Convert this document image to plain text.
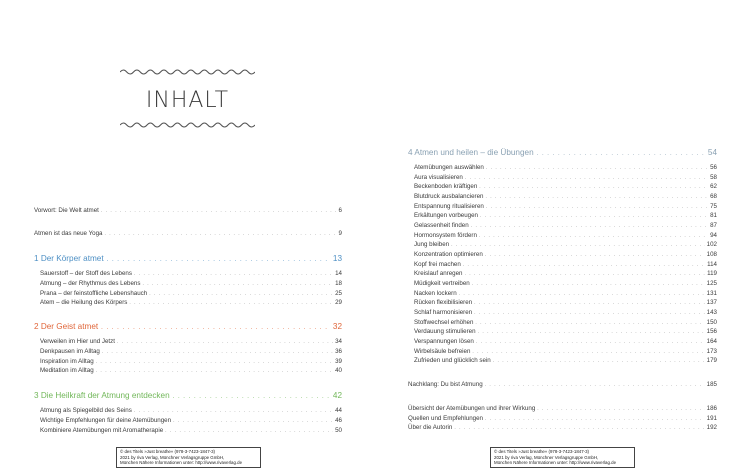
INHALT
Vorwort: Die Welt atmet . . .	6
Atmen ist das neue Yoga . . .	9
1 Der Körper atmet . . .	13
Sauerstoff – der Stoff des Lebens . . .	14
Atmung – der Rhythmus des Lebens . . .	18
Prana – der feinstoffliche Lebenshauch . . .	25
Atem – die Heilung des Körpers . . .	29
2 Der Geist atmet . . .	32
Verweilen im Hier und Jetzt . . .	34
Denkpausen im Alltag . . .	36
Inspiration im Alltag . . .	39
Meditation im Alltag . . .	40
3 Die Heilkraft der Atmung entdecken . . .	42
Atmung als Spiegelbild des Seins . . .	44
Wichtige Empfehlungen für deine Atemübungen . . .	46
Kombiniere Atemübungen mit Aromatherapie . . .	50
© des Titels »Just breathe« (978-3-7423-1847-3)
2021 by riva Verlag, Münchner Verlagsgruppe GmbH,
München Nähere Informationen unter: http://www.rivaverlag.de
4 Atmen und heilen – die Übungen . . .	54
Atemübungen auswählen . . .	56
Aura visualisieren . . .	58
Beckenboden kräftigen . . .	62
Blutdruck ausbalancieren . . .	68
Entspannung ritualisieren . . .	75
Erkältungen vorbeugen . . .	81
Gelassenheit finden . . .	87
Hormonsystem fördern . . .	94
Jung bleiben . . .	102
Konzentration optimieren . . .	108
Kopf frei machen . . .	114
Kreislauf anregen . . .	119
Müdigkeit vertreiben . . .	125
Nacken lockern . . .	131
Rücken flexibilisieren . . .	137
Schlaf harmonisieren . . .	143
Stoffwechsel erhöhen . . .	150
Verdauung stimulieren . . .	156
Verspannungen lösen . . .	164
Wirbelsäule befreien . . .	173
Zufrieden und glücklich sein . . .	179
Nachklang: Du bist Atmung . . .	185
Übersicht der Atemübungen und ihrer Wirkung . . .	186
Quellen und Empfehlungen . . .	191
Über die Autorin . . .	192
© des Titels »Just breathe« (978-3-7423-1847-3)
2021 by riva Verlag, Münchner Verlagsgruppe GmbH,
München Nähere Informationen unter: http://www.rivaverlag.de
